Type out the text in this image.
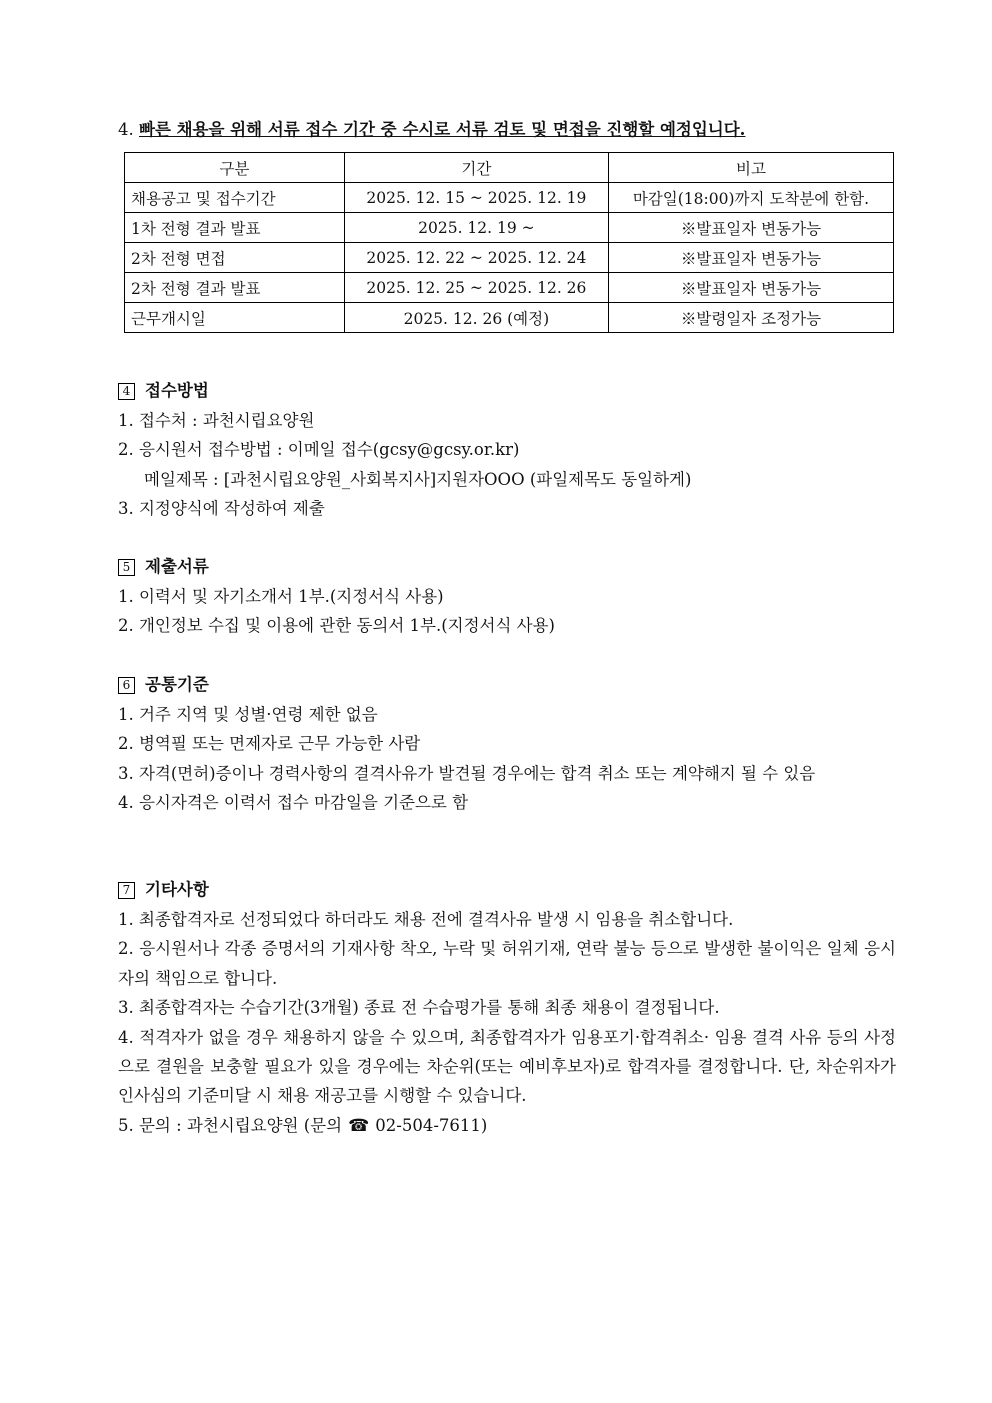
4. 빠른 채용을 위해 서류 접수 기간 중 수시로 서류 검토 및 면접을 진행할 예정입니다.
구분	기간	비고
채용공고 및 접수기간	2025. 12. 15 ~ 2025. 12. 19	마감일(18:00)까지 도착분에 한함.
1차 전형 결과 발표	2025. 12. 19 ~	※발표일자 변동가능
2차 전형 면접	2025. 12. 22 ~ 2025. 12. 24	※발표일자 변동가능
2차 전형 결과 발표	2025. 12. 25 ~ 2025. 12. 26	※발표일자 변동가능
근무개시일	2025. 12. 26 (예정)	※발령일자 조정가능
4 접수방법
1. 접수처 : 과천시립요양원
2. 응시원서 접수방법 : 이메일 접수(gcsy@gcsy.or.kr)
메일제목 : [과천시립요양원_사회복지사]지원자OOO (파일제목도 동일하게)
3. 지정양식에 작성하여 제출
5 제출서류
1. 이력서 및 자기소개서 1부.(지정서식 사용)
2. 개인정보 수집 및 이용에 관한 동의서 1부.(지정서식 사용)
6 공통기준
1. 거주 지역 및 성별·연령 제한 없음
2. 병역필 또는 면제자로 근무 가능한 사람
3. 자격(면허)증이나 경력사항의 결격사유가 발견될 경우에는 합격 취소 또는 계약해지 될 수 있음
4. 응시자격은 이력서 접수 마감일을 기준으로 함
7 기타사항
1. 최종합격자로 선정되었다 하더라도 채용 전에 결격사유 발생 시 임용을 취소합니다.
2. 응시원서나 각종 증명서의 기재사항 착오, 누락 및 허위기재, 연락 불능 등으로 발생한 불이익은 일체 응시자의 책임으로 합니다.
3. 최종합격자는 수습기간(3개월) 종료 전 수습평가를 통해 최종 채용이 결정됩니다.
4. 적격자가 없을 경우 채용하지 않을 수 있으며, 최종합격자가 임용포기·합격취소· 임용 결격 사유 등의 사정으로 결원을 보충할 필요가 있을 경우에는 차순위(또는 예비후보자)로 합격자를 결정합니다. 단, 차순위자가 인사심의 기준미달 시 채용 재공고를 시행할 수 있습니다.
5. 문의 : 과천시립요양원 (문의 ☎ 02-504-7611)
